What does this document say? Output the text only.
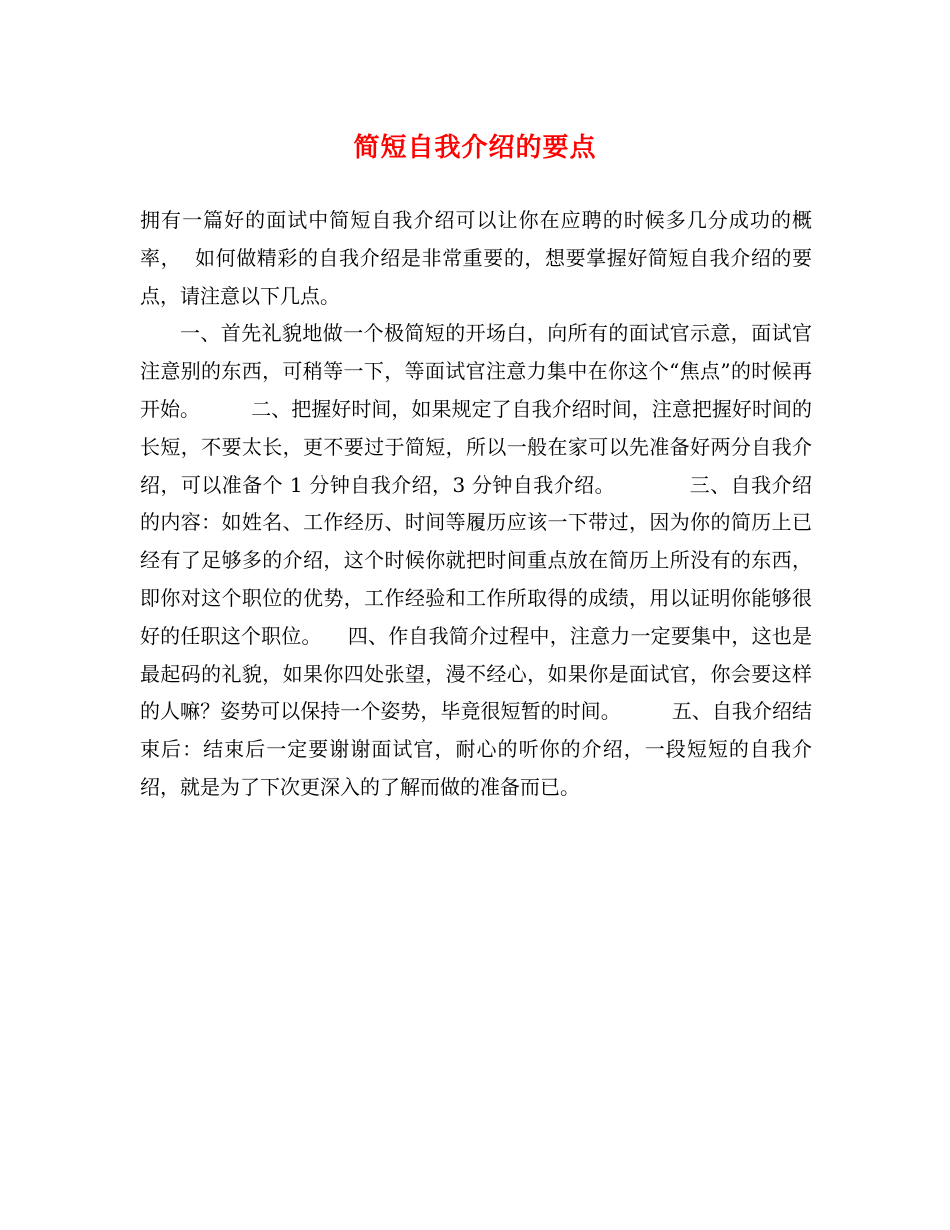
简短自我介绍的要点

拥有一篇好的面试中简短自我介绍可以让你在应聘的时候多几分成功的概率，  如何做精彩的自我介绍是非常重要的，想要掌握好简短自我介绍的要点，请注意以下几点。

一、首先礼貌地做一个极简短的开场白，向所有的面试官示意，面试官注意别的东西，可稍等一下，等面试官注意力集中在你这个“焦点”的时候再开始。        二、把握好时间，如果规定了自我介绍时间，注意把握好时间的长短，不要太长，更不要过于简短，所以一般在家可以先准备好两分自我介绍，可以准备个 1 分钟自我介绍，3 分钟自我介绍。           三、自我介绍的内容：如姓名、工作经历、时间等履历应该一下带过，因为你的简历上已经有了足够多的介绍，这个时候你就把时间重点放在简历上所没有的东西，即你对这个职位的优势，工作经验和工作所取得的成绩，用以证明你能够很好的任职这个职位。    四、作自我简介过程中，注意力一定要集中，这也是最起码的礼貌，如果你四处张望，漫不经心，如果你是面试官，你会要这样的人嘛？姿势可以保持一个姿势，毕竟很短暂的时间。        五、自我介绍结束后：结束后一定要谢谢面试官，耐心的听你的介绍，一段短短的自我介绍，就是为了下次更深入的了解而做的准备而已。
